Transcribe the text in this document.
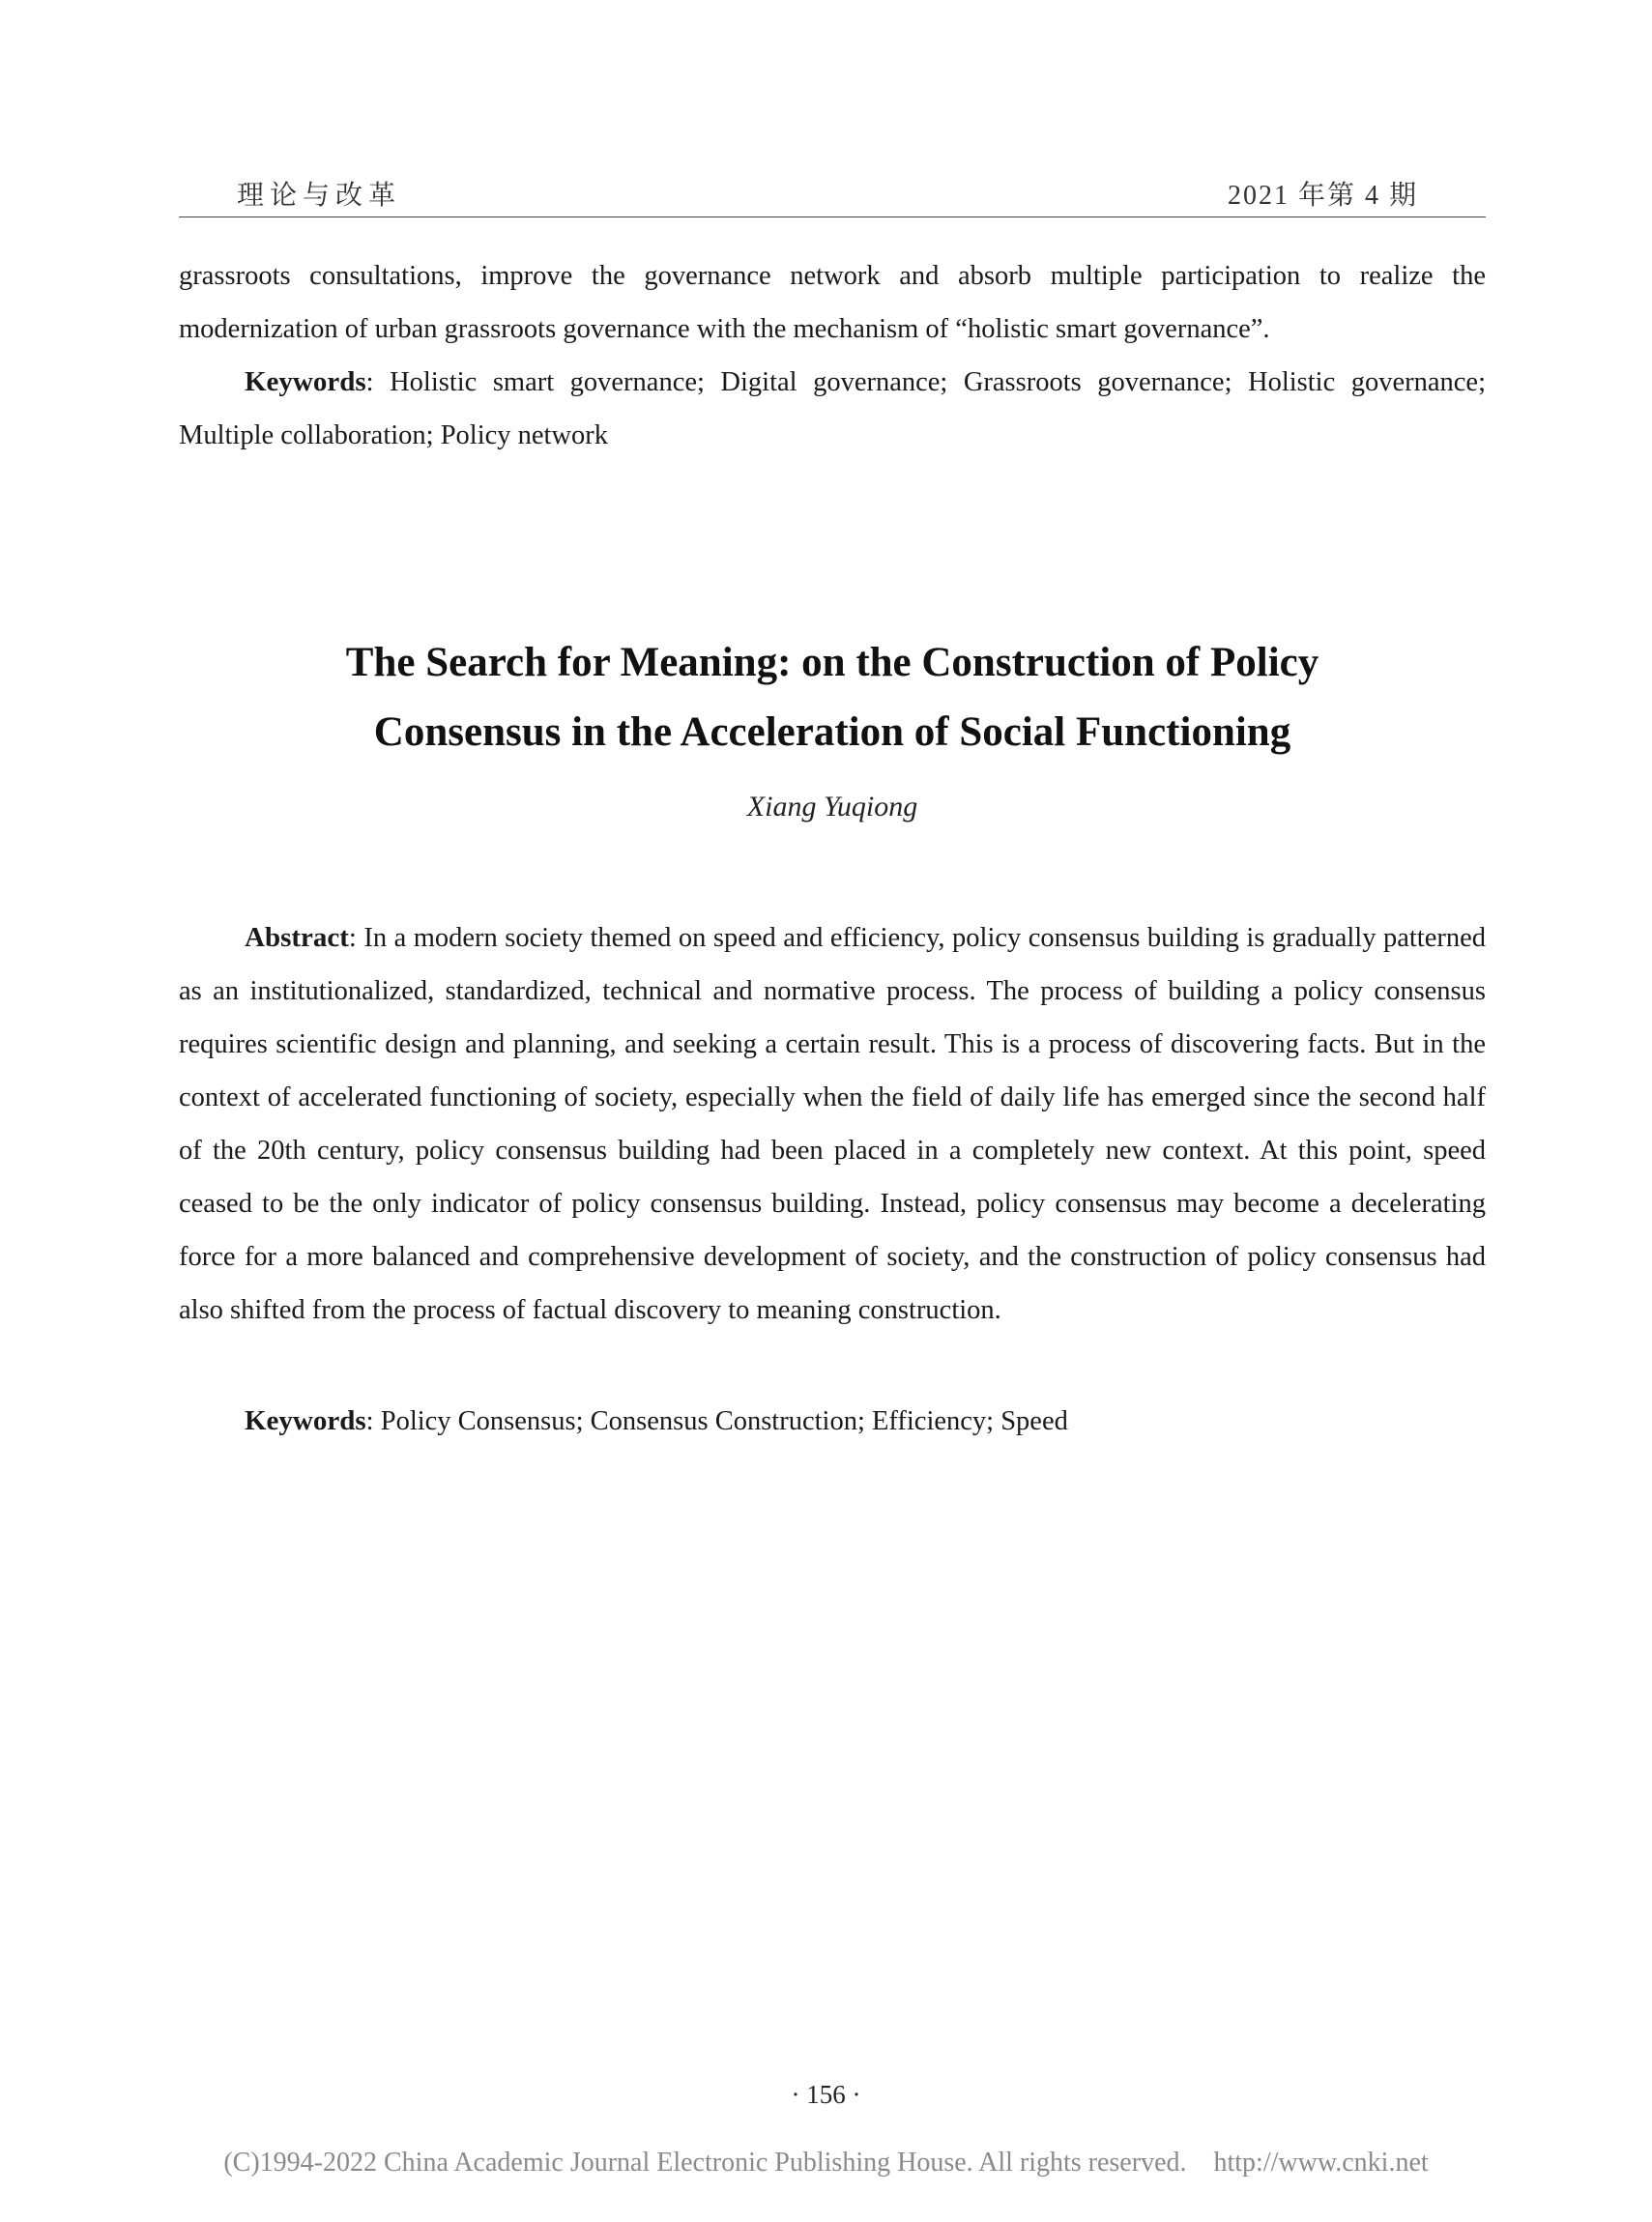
理论与改革	2021 年第 4 期
grassroots consultations, improve the governance network and absorb multiple participation to realize the modernization of urban grassroots governance with the mechanism of “holistic smart governance”.
Keywords: Holistic smart governance; Digital governance; Grassroots governance; Holistic governance; Multiple collaboration; Policy network
The Search for Meaning: on the Construction of Policy
Consensus in the Acceleration of Social Functioning
Xiang Yuqiong
Abstract: In a modern society themed on speed and efficiency, policy consensus building is gradually patterned as an institutionalized, standardized, technical and normative process. The process of building a policy consensus requires scientific design and planning, and seeking a certain result. This is a process of discovering facts. But in the context of accelerated functioning of society, especially when the field of daily life has emerged since the second half of the 20th century, policy consensus building had been placed in a completely new context. At this point, speed ceased to be the only indicator of policy consensus building. Instead, policy consensus may become a decelerating force for a more balanced and comprehensive development of society, and the construction of policy consensus had also shifted from the process of factual discovery to meaning construction.
Keywords: Policy Consensus; Consensus Construction; Efficiency; Speed
· 156 ·
(C)1994-2022 China Academic Journal Electronic Publishing House. All rights reserved.    http://www.cnki.net
